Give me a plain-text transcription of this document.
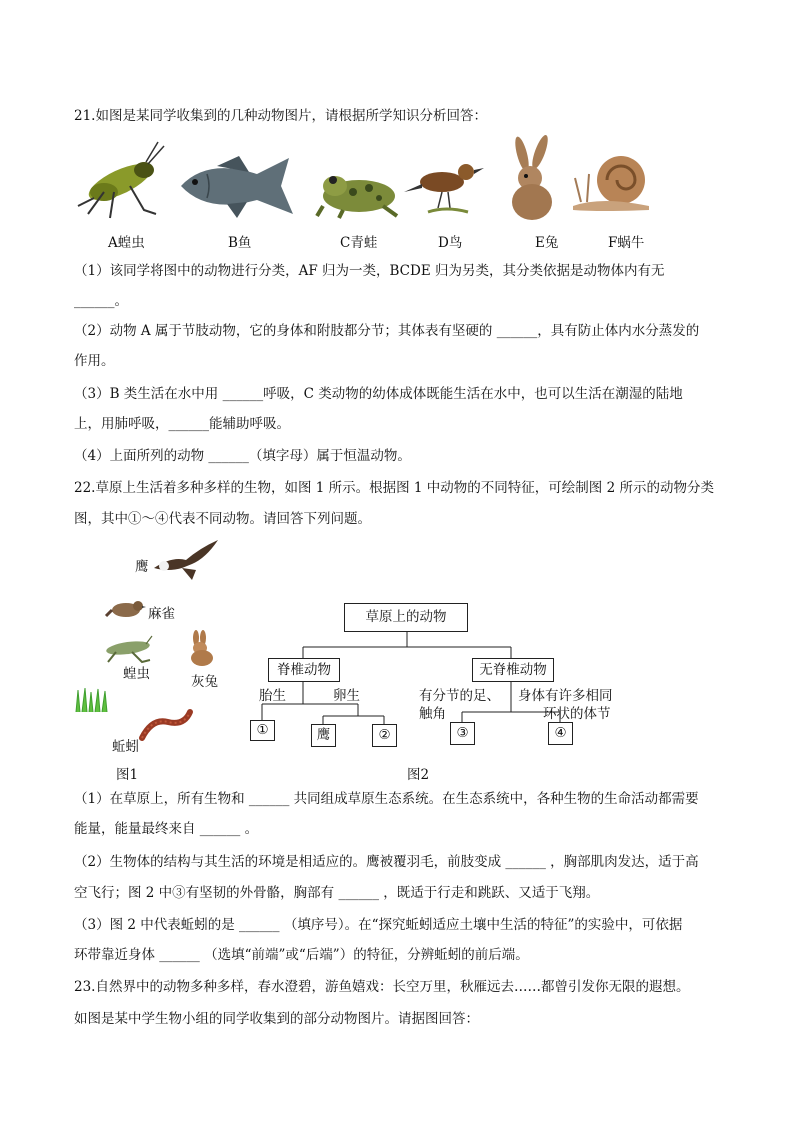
21.如图是某同学收集到的几种动物图片，请根据所学知识分析回答：
A蝗虫	B鱼	C青蛙	D鸟	E兔	F蜗牛
（1）该同学将图中的动物进行分类，AF 归为一类，BCDE 归为另类，其分类依据是动物体内有无
______。
（2）动物 A 属于节肢动物，它的身体和附肢都分节；其体表有坚硬的 ______，具有防止体内水分蒸发的
作用。
（3）B 类生活在水中用 ______呼吸，C 类动物的幼体成体既能生活在水中，也可以生活在潮湿的陆地
上，用肺呼吸，______能辅助呼吸。
（4）上面所列的动物 ______（填字母）属于恒温动物。
22.草原上生活着多种多样的生物，如图 1 所示。根据图 1 中动物的不同特征，可绘制图 2 所示的动物分类
图，其中①～④代表不同动物。请回答下列问题。
鹰
麻雀
蝗虫	灰兔
蚯蚓
图1
草原上的动物
脊椎动物	无脊椎动物
胎生	卵生	有分节的足、
触角
身体有许多相同
环状的体节
①	鹰	②	③	④
图2
（1）在草原上，所有生物和 ______ 共同组成草原生态系统。在生态系统中，各种生物的生命活动都需要
能量，能量最终来自 ______ 。
（2）生物体的结构与其生活的环境是相适应的。鹰被覆羽毛，前肢变成 ______ ，胸部肌肉发达，适于高
空飞行；图 2 中③有坚韧的外骨骼，胸部有 ______ ，既适于行走和跳跃、又适于飞翔。
（3）图 2 中代表蚯蚓的是 ______ （填序号）。在“探究蚯蚓适应土壤中生活的特征”的实验中，可依据
环带靠近身体 ______ （选填“前端”或“后端”）的特征，分辨蚯蚓的前后端。
23.自然界中的动物多种多样，春水澄碧，游鱼嬉戏：长空万里，秋雁远去……都曾引发你无限的遐想。
如图是某中学生物小组的同学收集到的部分动物图片。请据图回答：
